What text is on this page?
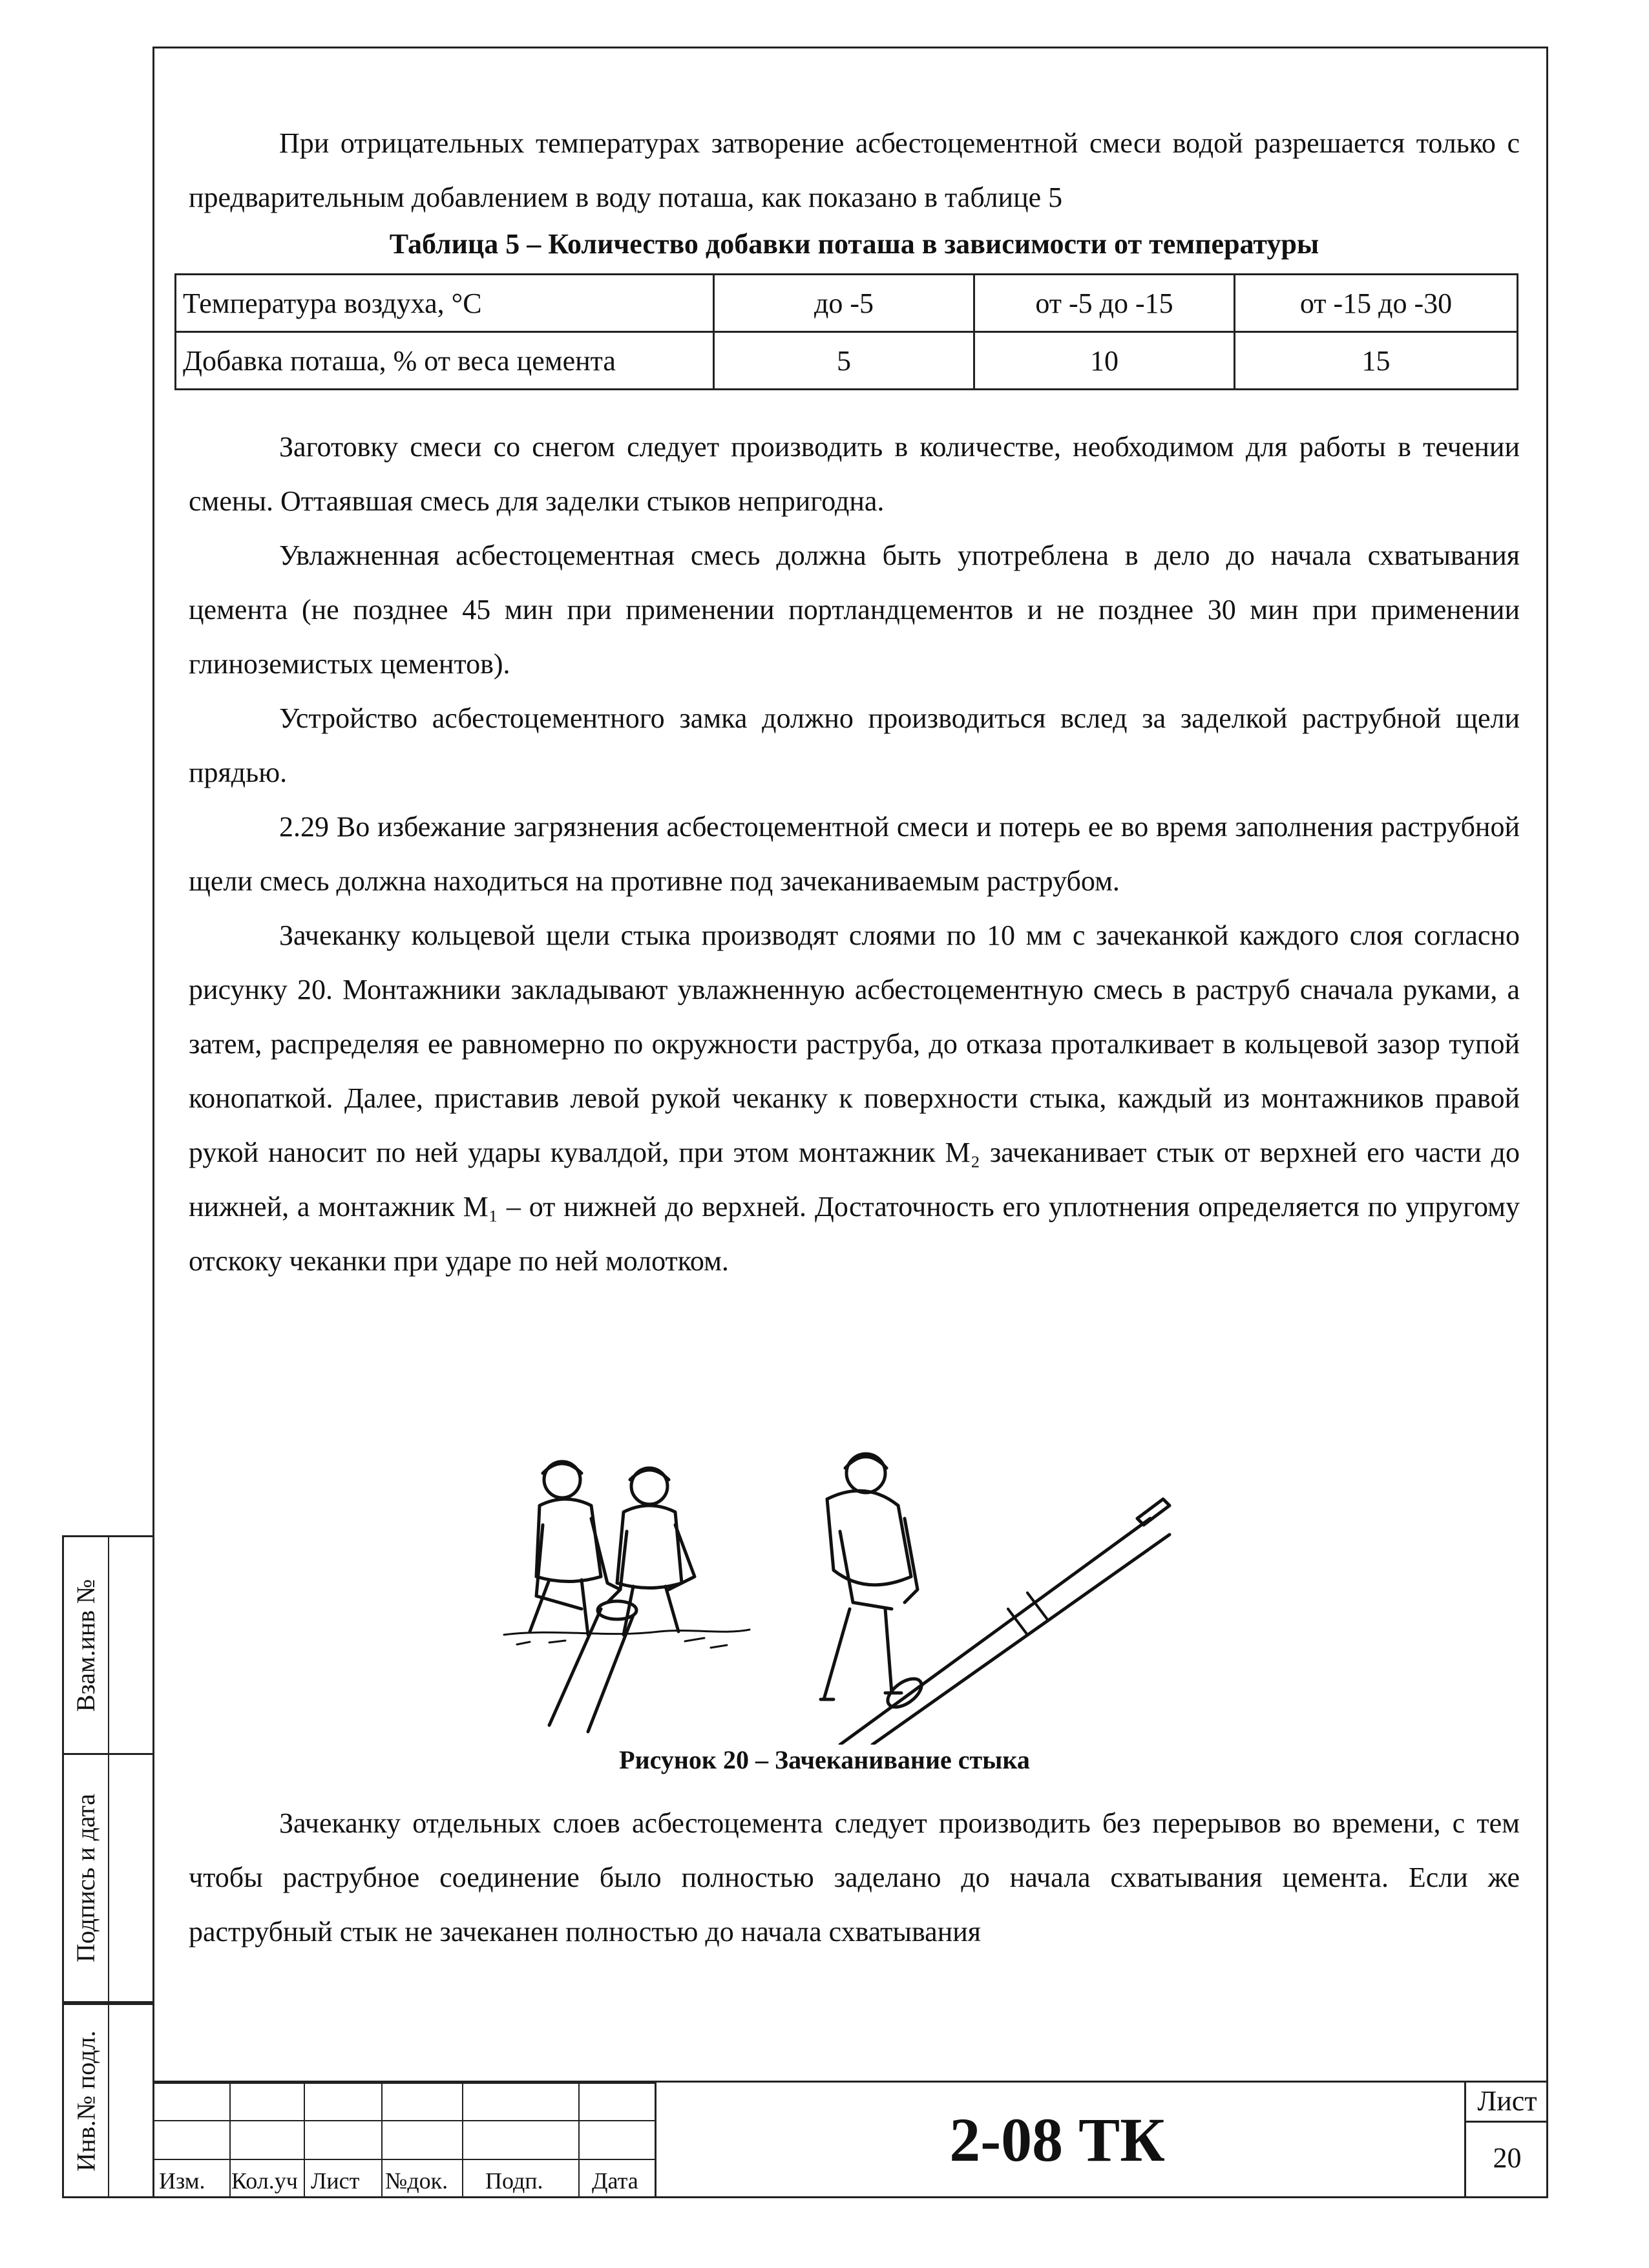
Взам.инв №
Подпись и дата
Инв.№ подл.

При отрицательных температурах затворение асбестоцементной смеси водой разрешается только с предварительным добавлением в воду поташа, как показано в таблице 5

Таблица 5 – Количество добавки поташа в зависимости от температуры
Температура воздуха, °С	до -5	от -5 до -15	от -15 до -30
Добавка поташа, % от веса цемента	5	10	15

Заготовку смеси со снегом следует производить в количестве, необходимом для работы в течении смены. Оттаявшая смесь для заделки стыков непригодна.

Увлажненная асбестоцементная смесь должна быть употреблена в дело до начала схватывания цемента (не позднее 45 мин при применении портландцементов и не позднее 30 мин при применении глиноземистых цементов).

Устройство асбестоцементного замка должно производиться вслед за заделкой раструбной щели прядью.

2.29 Во избежание загрязнения асбестоцементной смеси и потерь ее во время заполнения раструбной щели смесь должна находиться на противне под зачеканиваемым раструбом.

Зачеканку кольцевой щели стыка производят слоями по 10 мм с зачеканкой каждого слоя согласно рисунку 20. Монтажники закладывают увлажненную асбестоцементную смесь в раструб сначала руками, а затем, распределяя ее равномерно по окружности раструба, до отказа проталкивает в кольцевой зазор тупой конопаткой. Далее, приставив левой рукой чеканку к поверхности стыка, каждый из монтажников правой рукой наносит по ней удары кувалдой, при этом монтажник М₂ зачеканивает стык от верхней его части до нижней, а монтажник М₁ – от нижней до верхней. Достаточность его уплотнения определяется по упругому отскоку чеканки при ударе по ней молотком.

Рисунок 20 – Зачеканивание стыка

Зачеканку отдельных слоев асбестоцемента следует производить без перерывов во времени, с тем чтобы раструбное соединение было полностью заделано до начала схватывания цемента. Если же раструбный стык не зачеканен полностью до начала схватывания

Изм. Кол.уч Лист №док. Подп. Дата
2-08 ТК
Лист
20
